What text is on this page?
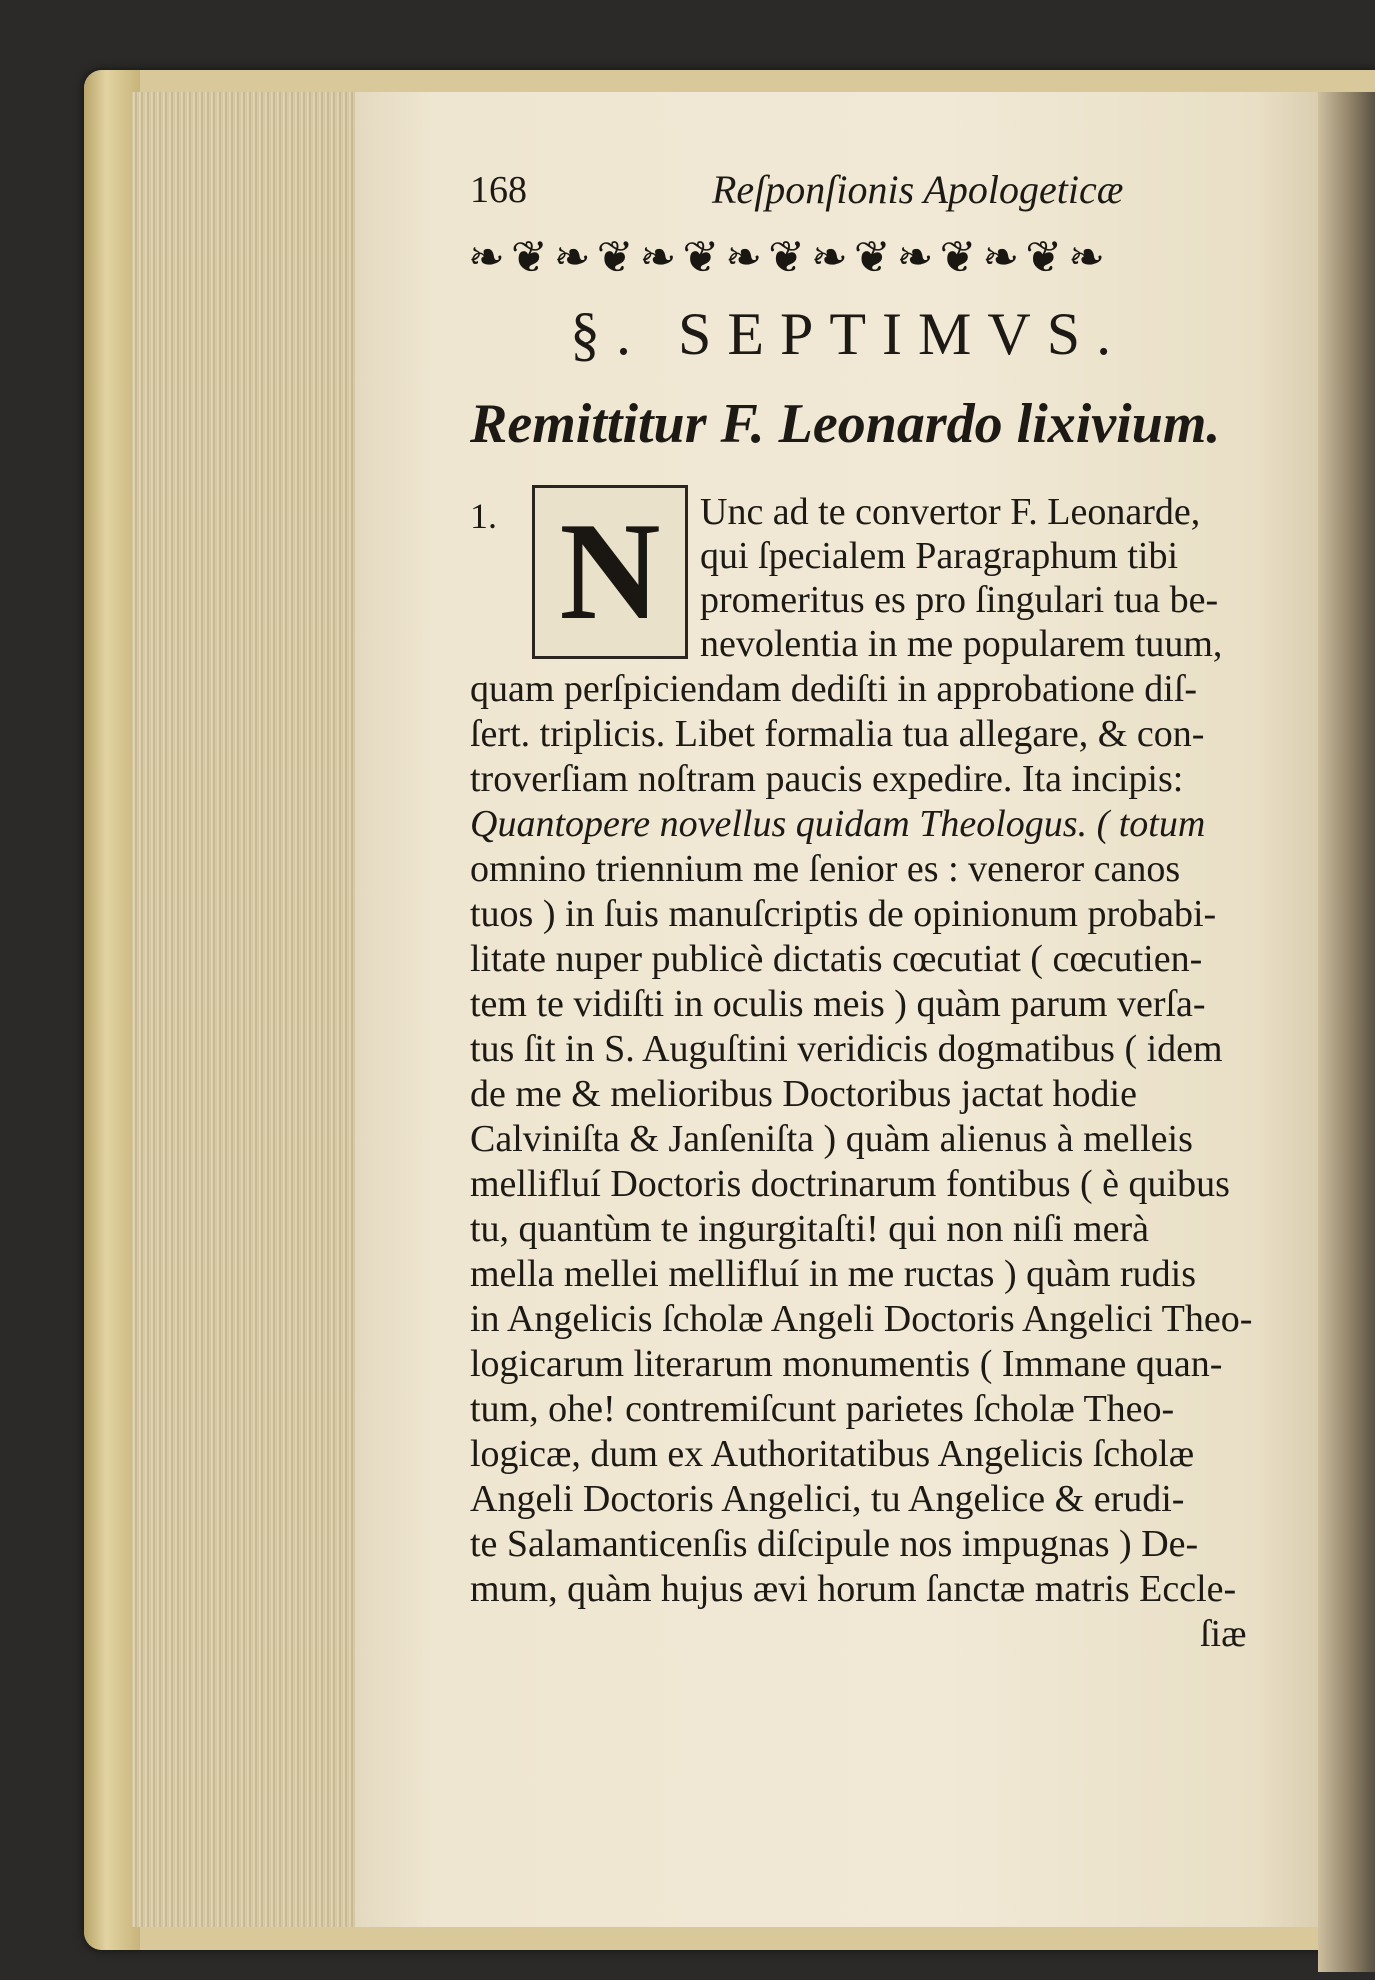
168	Reſponſionis Apologeticæ
❧❦❧❦❧❦❧❦❧❦❧❦❧❦❧
§. SEPTIMVS.
Remittitur F. Leonardo lixivium.
1. N Unc ad te convertor F. Leonarde,
qui ſpecialem Paragraphum tibi
promeritus es pro ſingulari tua be-
nevolentia in me popularem tuum,
quam perſpiciendam dediſti in approbatione diſ-
ſert. triplicis. Libet formalia tua allegare, & con-
troverſiam noſtram paucis expedire. Ita incipis:
Quantopere novellus quidam Theologus. ( totum
omnino triennium me ſenior es : veneror canos
tuos ) in ſuis manuſcriptis de opinionum probabi-
litate nuper publicè dictatis cœcutiat ( cœcutien-
tem te vidiſti in oculis meis ) quàm parum verſa-
tus ſit in S. Auguſtini veridicis dogmatibus ( idem
de me & melioribus Doctoribus jactat hodie
Calviniſta & Janſeniſta ) quàm alienus à melleis
mellifluí Doctoris doctrinarum fontibus ( è quibus
tu, quantùm te ingurgitaſti! qui non niſi merà
mella mellei mellifluí in me ructas ) quàm rudis
in Angelicis ſcholæ Angeli Doctoris Angelici Theo-
logicarum literarum monumentis ( Immane quan-
tum, ohe! contremiſcunt parietes ſcholæ Theo-
logicæ, dum ex Authoritatibus Angelicis ſcholæ
Angeli Doctoris Angelici, tu Angelice & erudi-
te Salamanticenſis diſcipule nos impugnas ) De-
mum, quàm hujus ævi horum ſanctæ matris Eccle-
ſiæ
